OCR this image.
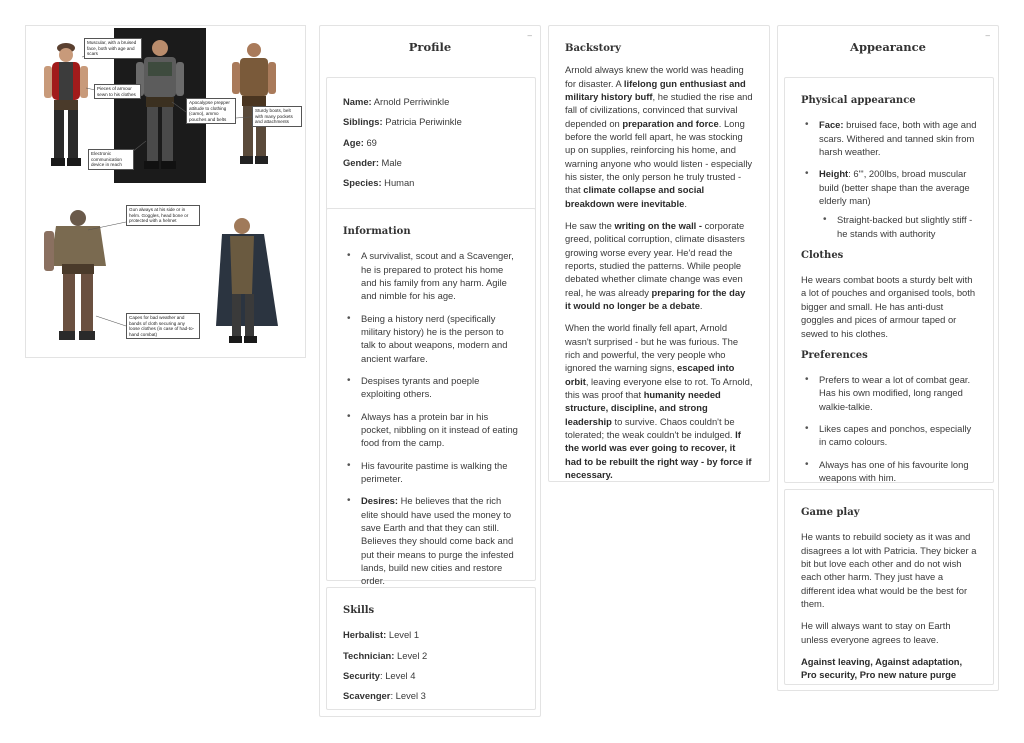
Muscular, with a bruised face, both with age and scars
Pieces of armour sewn to his clothes
Apocalypse prepper attitude to clothing (camo), ammo pouches and belts
Sturdy boots, belt with many pockets and attachments
Electronic communication device in reach
Gun always at his side or in helm. Goggles, head bone or protected with a helmet
Capes for bad weather and bands of cloth securing any loose clothes (in case of had-to-hand combat)
Profile
–
Name: Arnold Perriwinkle
Siblings: Patricia Periwinkle
Age: 69
Gender: Male
Species: Human
Information
• A survivalist, scout and a Scavenger, he is prepared to protect his home and his family from any harm. Agile and nimble for his age.
• Being a history nerd (specifically military history) he is the person to talk to about weapons, modern and ancient warfare.
• Despises tyrants and poeple exploiting others.
• Always has a protein bar in his pocket, nibbling on it instead of eating food from the camp.
• His favourite pastime is walking the perimeter.
• Desires: He believes that the rich elite should have used the money to save Earth and that they can still. Believes they should come back and put their means to purge the infested lands, build new cities and restore order.
Skills
Herbalist: Level 1
Technician: Level 2
Security: Level 4
Scavenger: Level 3
Backstory

Arnold always knew the world was heading for disaster. A lifelong gun enthusiast and military history buff, he studied the rise and fall of civilizations, convinced that survival depended on preparation and force. Long before the world fell apart, he was stocking up on supplies, reinforcing his home, and warning anyone who would listen - especially his sister, the only person he truly trusted - that climate collapse and social breakdown were inevitable.

He saw the writing on the wall - corporate greed, political corruption, climate disasters growing worse every year. He'd read the reports, studied the patterns. While people debated whether climate change was even real, he was already preparing for the day it would no longer be a debate.

When the world finally fell apart, Arnold wasn't surprised - but he was furious. The rich and powerful, the very people who ignored the warning signs, escaped into orbit, leaving everyone else to rot. To Arnold, this was proof that humanity needed structure, discipline, and strong leadership to survive. Chaos couldn't be tolerated; the weak couldn't be indulged. If the world was ever going to recover, it had to be rebuilt the right way - by force if necessary.

Appearance
–
Physical appearance
• Face: bruised face, both with age and scars. Withered and tanned skin from harsh weather.
• Height: 6"', 200lbs, broad muscular build (better shape than the average elderly man)
• Straight-backed but slightly stiff - he stands with authority
Clothes

He wears combat boots a sturdy belt with a lot of pouches and organised tools, both bigger and small. He has anti-dust goggles and pices of armour taped or sewed to his clothes.

Preferences
• Prefers to wear a lot of combat gear. Has his own modified, long ranged walkie-talkie.
• Likes capes and ponchos, especially in camo colours.
• Always has one of his favourite long weapons with him.
Game play

He wants to rebuild society as it was and disagrees a lot with Patricia. They bicker a bit but love each other and do not wish each other harm. They just have a different idea what would be the best for them.

He will always want to stay on Earth unless everyone agrees to leave.

Against leaving, Against adaptation, Pro security, Pro new nature purge
